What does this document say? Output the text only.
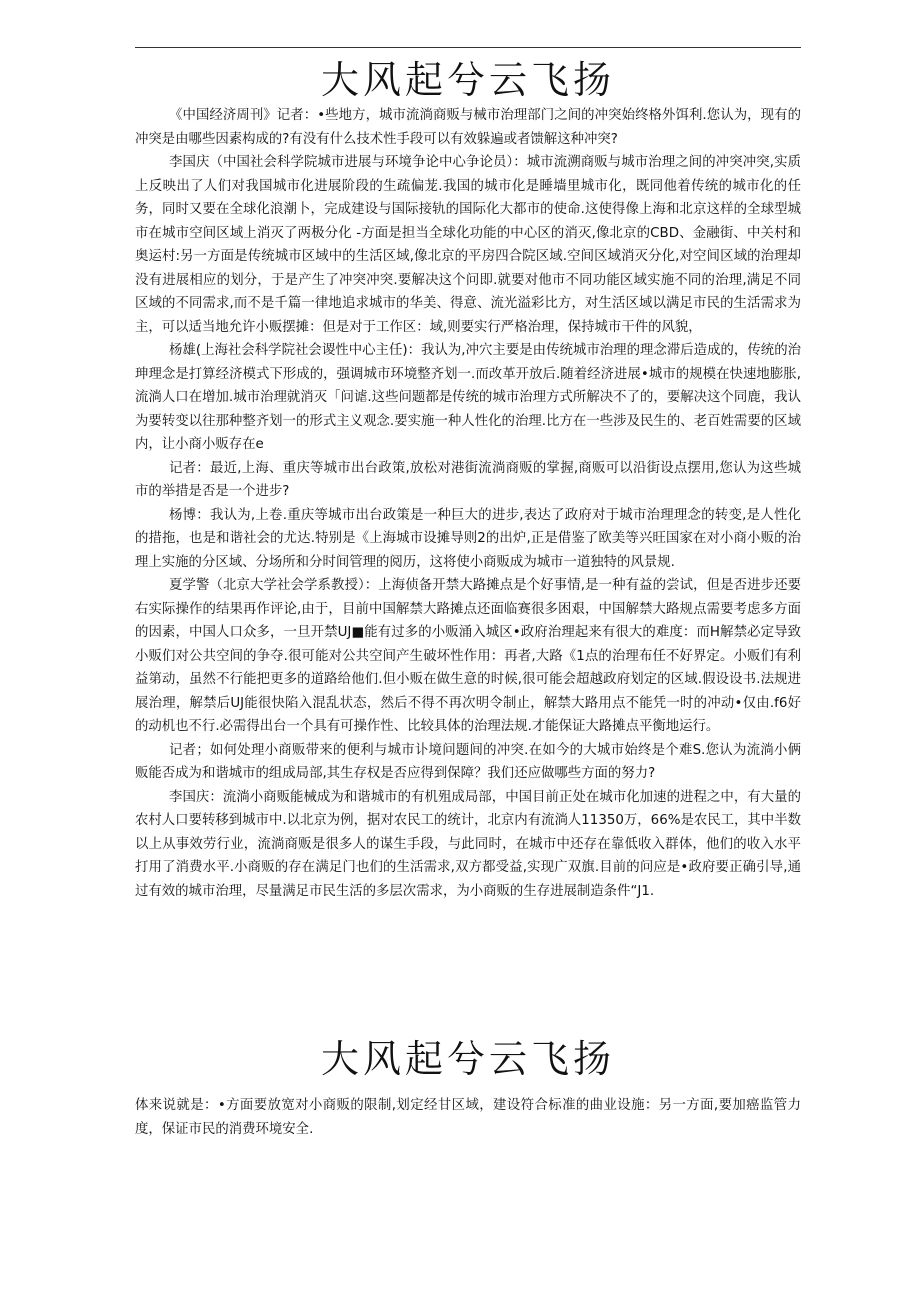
大风起兮云飞扬

《中国经济周刊》记者：•些地方，城市流淌商贩与械市治理部门之间的冲突始终格外饵利.您认为，现有的冲突是由哪些因素构成的?有没有什么技术性手段可以有效躲遍或者馈解这种冲突?

李国庆（中国社会科学院城市进展与环境争论中心争论员）：城市流溯商贩与城市治理之间的冲突冲突,实质上反映出了人们对我国城市化进展阶段的生疏偏茏.我国的城市化是睡墙里城市化，既同他着传统的城市化的任务，同时又要在全球化浪潮卜，完成建设与国际接轨的国际化大都市的使命.这使得像上海和北京这样的全球型城市在城市空间区域上消灭了两极分化 -方面是担当全球化功能的中心区的消灭,像北京的CBD、金融街、中关村和奥运村:另一方面是传统城市区域中的生活区域,像北京的平房四合院区域.空间区域消灭分化,对空间区域的治理却没有进展相应的划分，于是产生了冲突冲突.要解决这个问即.就要对他市不同功能区域实施不同的治理,满足不同区域的不同需求,而不是千篇一律地追求城市的华美、得意、流光溢彩比方，对生活区域以满足市民的生活需求为主，可以适当地允许小贩摆摊：但是对于工作区：域,则要实行严格治理，保持城市干件的风貌，

杨雄(上海社会科学院社会谡性中心主任)：我认为,冲穴主要是由传统城市治理的理念滞后造成的，传统的治珅理念是打算经济模式下形成的，强调城市环境整齐划一.而改革开放后.随着经济进展•城市的规模在快速地膨胀,流淌人口在增加.城市治理就消灭「问谑.这些问题都是传统的城市治理方式所解决不了的，要解决这个同鹿，我认为要转变以往那种整齐划一的形式主义观念.要实施一种人性化的治理.比方在一些涉及民生的、老百姓需要的区域内，让小商小贩存在e

记者：最近,上海、重庆等城市出台政策,放松对港街流淌商贩的掌握,商贩可以沿街设点摆用,您认为这些城市的举措是否是一个进步?

杨博：我认为,上卷.重庆等城市出台政策是一种巨大的进步,表达了政府对于城市治理理念的转变,是人性化的措拖，也是和谐社会的尤达.特别是《上海城市设摊导则2的出炉,正是借鉴了欧美等兴旺国家在对小商小贩的治理上实施的分区域、分场所和分时间管理的阅历，这将使小商贩成为城市一道独特的风景规.

夏学警（北京大学社会学系教授）：上海侦备开禁大路摊点是个好事情,是一种有益的尝试，但是否进步还要右实际操作的结果再作评论,由于，目前中国解禁大路摊点还面临赛很多困艰，中国解禁大路规点需要考虑多方面的因素，中国人口众多，一旦开禁UJ■能有过多的小贩涌入城区•政府治理起来有很大的难度：而H解禁必定导致小贩们对公共空间的争夺.很可能对公共空间产生破坏性作用：再者,大路《1点的治理布任不好界定。小贩们有利益第动，虽然不行能把更多的道路给他们.但小贩在做生意的时候,很可能会超越政府划定的区域.假设设书.法规进展治理，解禁后UJ能很快陷入混乱状态，然后不得不再次明令制止，解禁大路用点不能凭一时的冲动•仅由.f6好的动机也不行.必需得出台一个具有可操作性、比较具体的治理法规.才能保证大路摊点平衡地运行。

记者；如何处理小商贩带来的便利与城市讣境问题间的冲突.在如今的大城市始终是个难S.您认为流淌小俩贩能否成为和谐城市的组成局部,其生存权是否应得到保障？我们还应做哪些方面的努力?

李国庆：流淌小商贩能械成为和谐城市的有机殂成局部，中国目前正处在城市化加速的进程之中，有大量的农村人口要转移到城市中.以北京为例，据对农民工的统计，北京内有流淌人11350万，66%是农民工，其中半数以上从事效劳行业，流淌商贩是很多人的谋生手段，与此同时，在城市中还存在靠低收入群体，他们的收入水平打用了消费水平.小商贩的存在满足门也们的生活需求,双方都受益,实现广双旗.目前的问应是•政府要正确引导,通过有效的城市治理，尽量满足市民生活的多层次需求，为小商贩的生存进展制造条件“J1.

大风起兮云飞扬

体来说就是：•方面要放宽对小商贩的限制,划定经甘区域，建设符合标准的曲业设施：另一方面,要加癌监管力度，保证市民的消费环境安全.
